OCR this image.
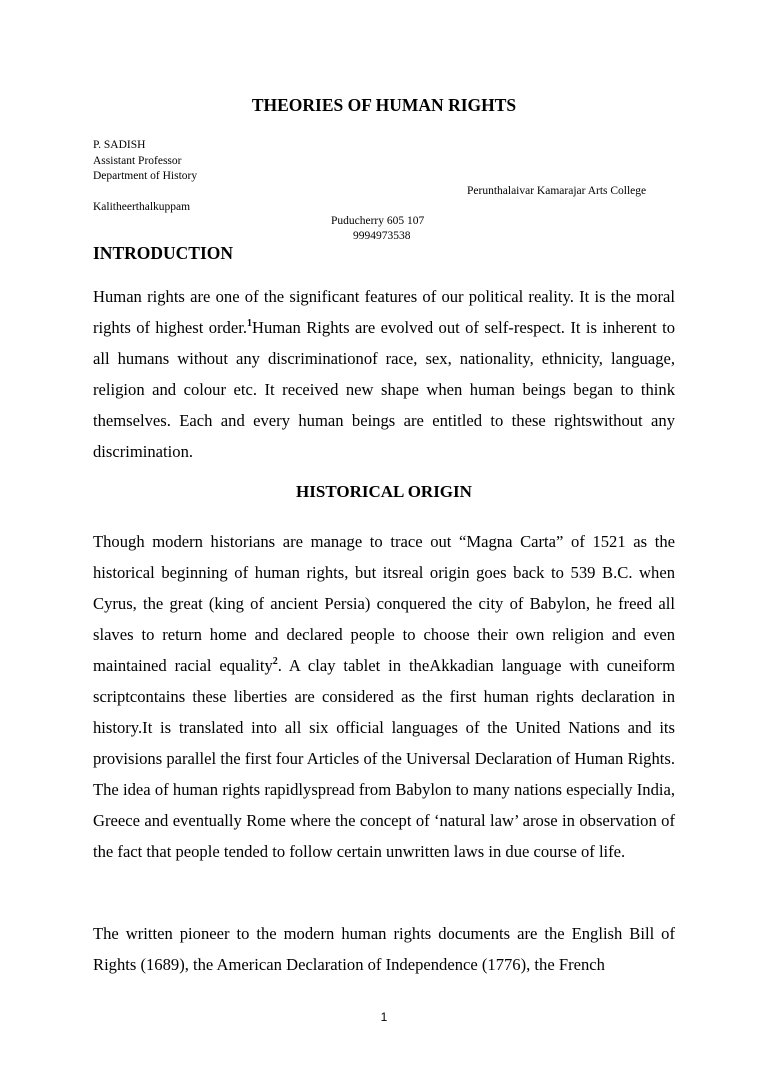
THEORIES OF HUMAN RIGHTS
P. SADISH
Assistant Professor
Department of History
Perunthalaivar Kamarajar Arts College
Kalitheerthalkuppam
Puducherry 605 107
9994973538
INTRODUCTION
Human rights are one of the significant features of our political reality. It is the moral rights of highest order.$^1$Human Rights are evolved out of self-respect. It is inherent to all humans without any discriminationof race, sex, nationality, ethnicity, language, religion and colour etc. It received new shape when human beings began to think themselves. Each and every human beings are entitled to these rightswithout any discrimination.
HISTORICAL ORIGIN
Though modern historians are manage to trace out “Magna Carta” of 1521 as the historical beginning of human rights, but itsreal origin goes back to 539 B.C. when Cyrus, the great (king of ancient Persia) conquered the city of Babylon, he freed all slaves to return home and declared people to choose their own religion and even maintained racial equality$^2$. A clay tablet in theAkkadian language with cuneiform scriptcontains these liberties are considered as the first human rights declaration in history.It is translated into all six official languages of the United Nations and its provisions parallel the first four Articles of the Universal Declaration of Human Rights. The idea of human rights rapidlyspread from Babylon to many nations especially India, Greece and eventually Rome where the concept of ‘natural law’ arose in observation of the fact that people tended to follow certain unwritten laws in due course of life.
The written pioneer to the modern human rights documents are the English Bill of Rights (1689), the American Declaration of Independence (1776), the French
1
